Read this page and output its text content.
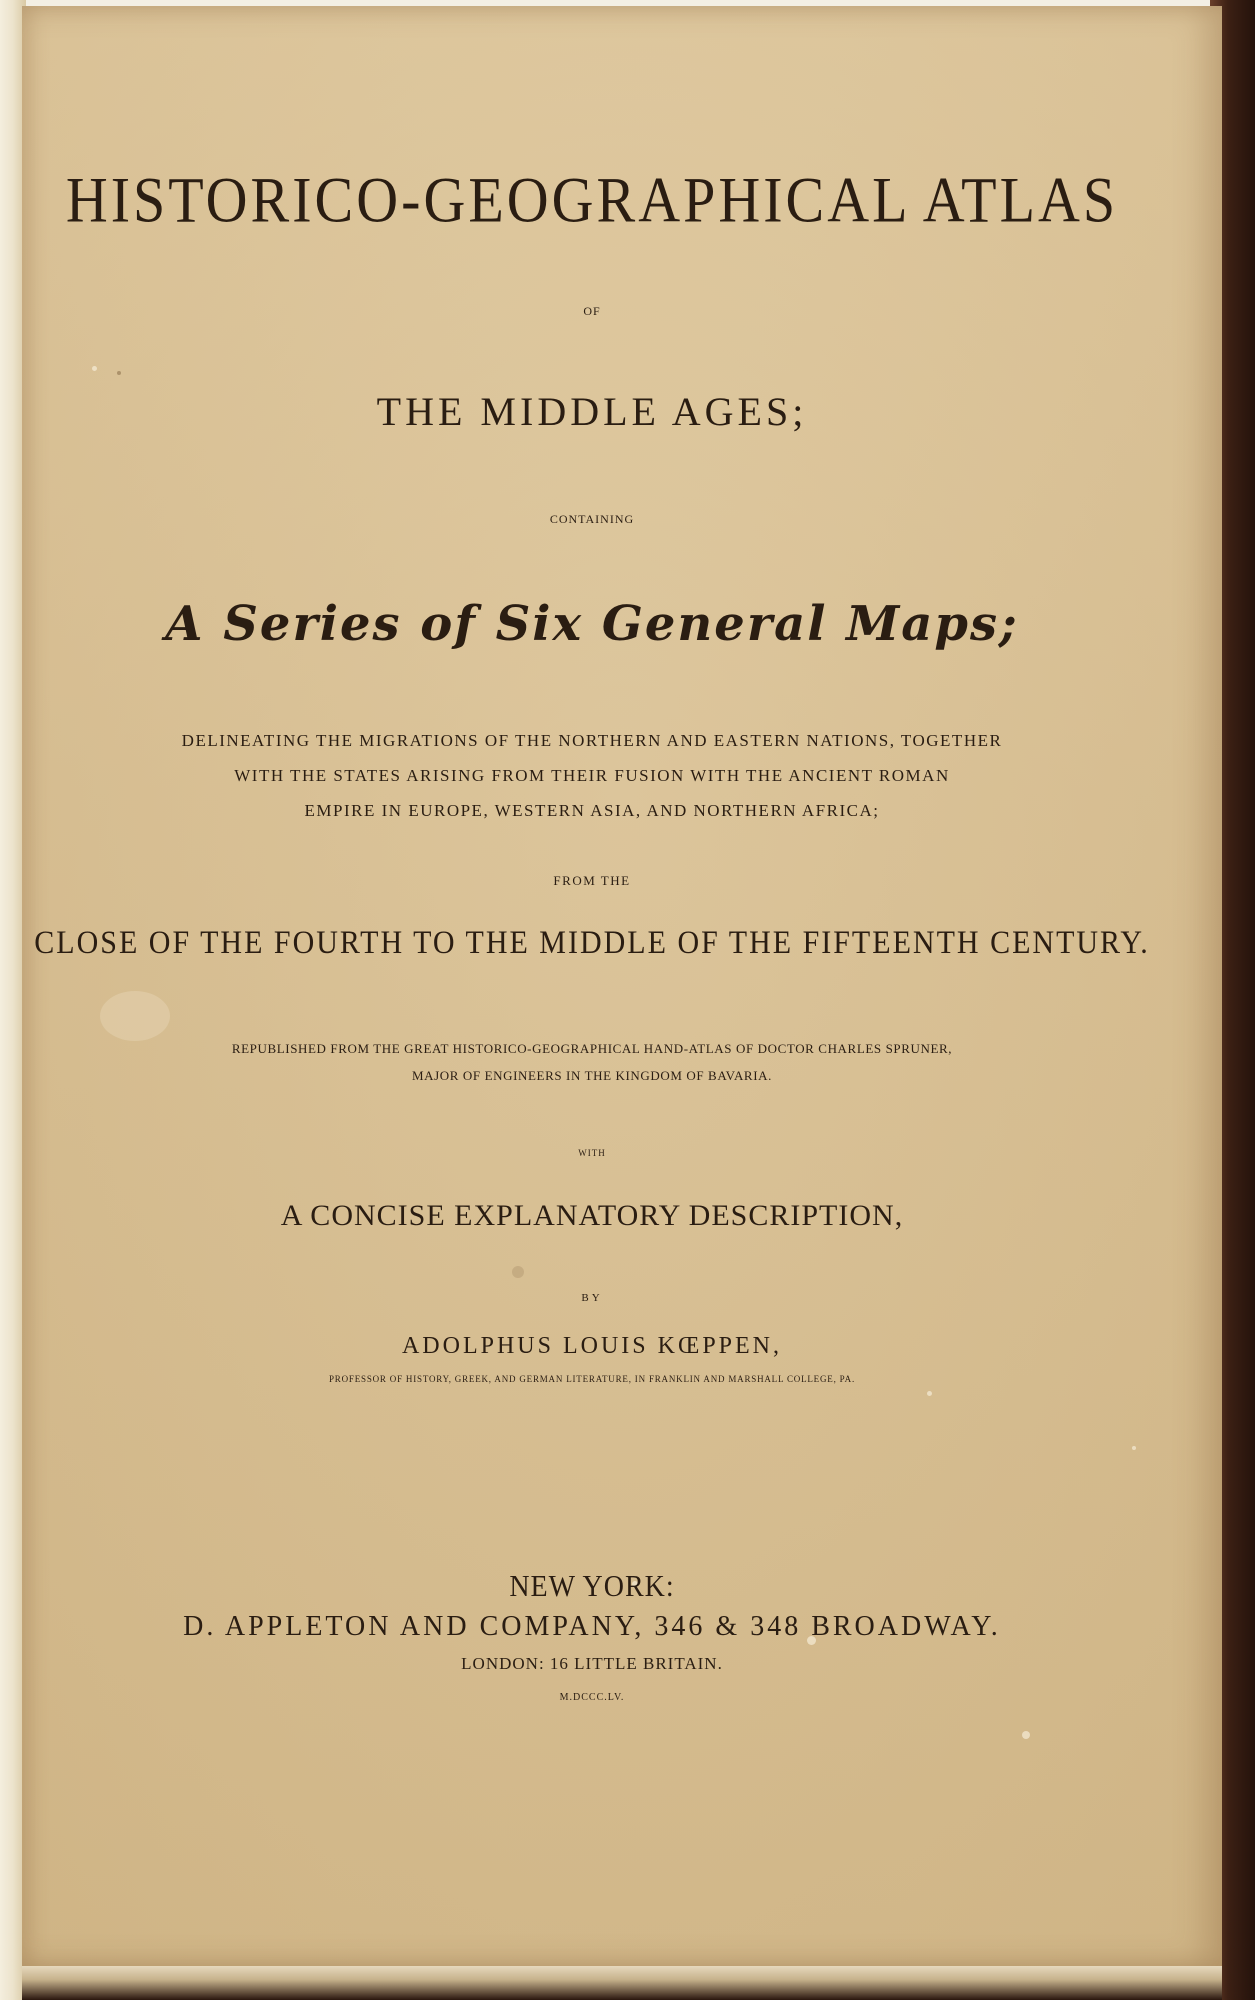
HISTORICO-GEOGRAPHICAL ATLAS
OF
THE MIDDLE AGES;
CONTAINING
A Series of Six General Maps;
DELINEATING THE MIGRATIONS OF THE NORTHERN AND EASTERN NATIONS, TOGETHER
WITH THE STATES ARISING FROM THEIR FUSION WITH THE ANCIENT ROMAN
EMPIRE IN EUROPE, WESTERN ASIA, AND NORTHERN AFRICA;
FROM THE
CLOSE OF THE FOURTH TO THE MIDDLE OF THE FIFTEENTH CENTURY.
REPUBLISHED FROM THE GREAT HISTORICO-GEOGRAPHICAL HAND-ATLAS OF DOCTOR CHARLES SPRUNER,
MAJOR OF ENGINEERS IN THE KINGDOM OF BAVARIA.
WITH
A CONCISE EXPLANATORY DESCRIPTION,
BY
ADOLPHUS LOUIS KŒPPEN,
PROFESSOR OF HISTORY, GREEK, AND GERMAN LITERATURE, IN FRANKLIN AND MARSHALL COLLEGE, PA.
NEW YORK:
D. APPLETON AND COMPANY, 346 & 348 BROADWAY.
LONDON: 16 LITTLE BRITAIN.
M.DCCC.LV.
